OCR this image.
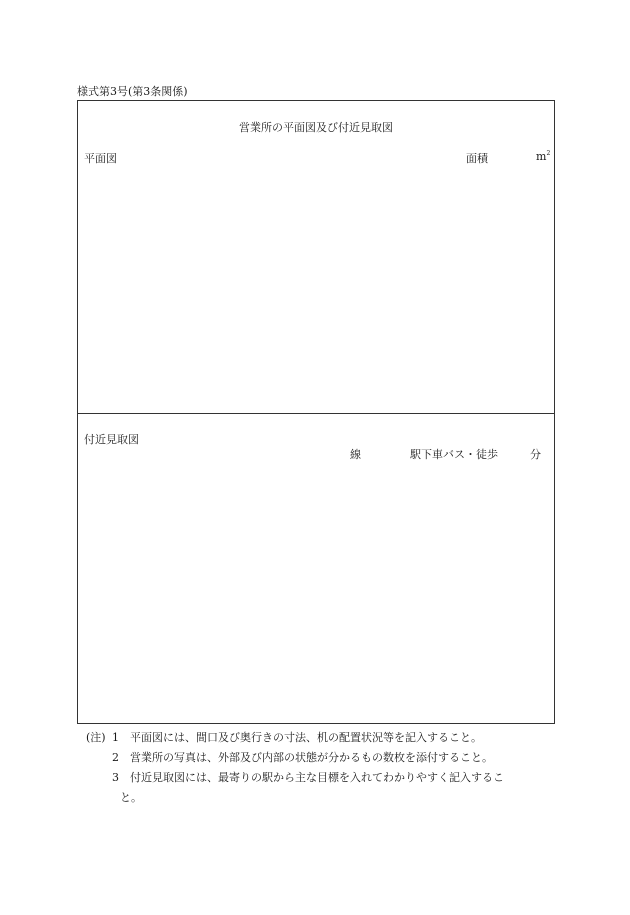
様式第3号(第3条関係)
営業所の平面図及び付近見取図
平面図	面積	$m^2$
付近見取図
線	駅下車バス・徒歩	分
(注) 1 平面図には、間口及び奥行きの寸法、机の配置状況等を記入すること。
2 営業所の写真は、外部及び内部の状態が分かるもの数枚を添付すること。
3 付近見取図には、最寄りの駅から主な目標を入れてわかりやすく記入するこ
と。
